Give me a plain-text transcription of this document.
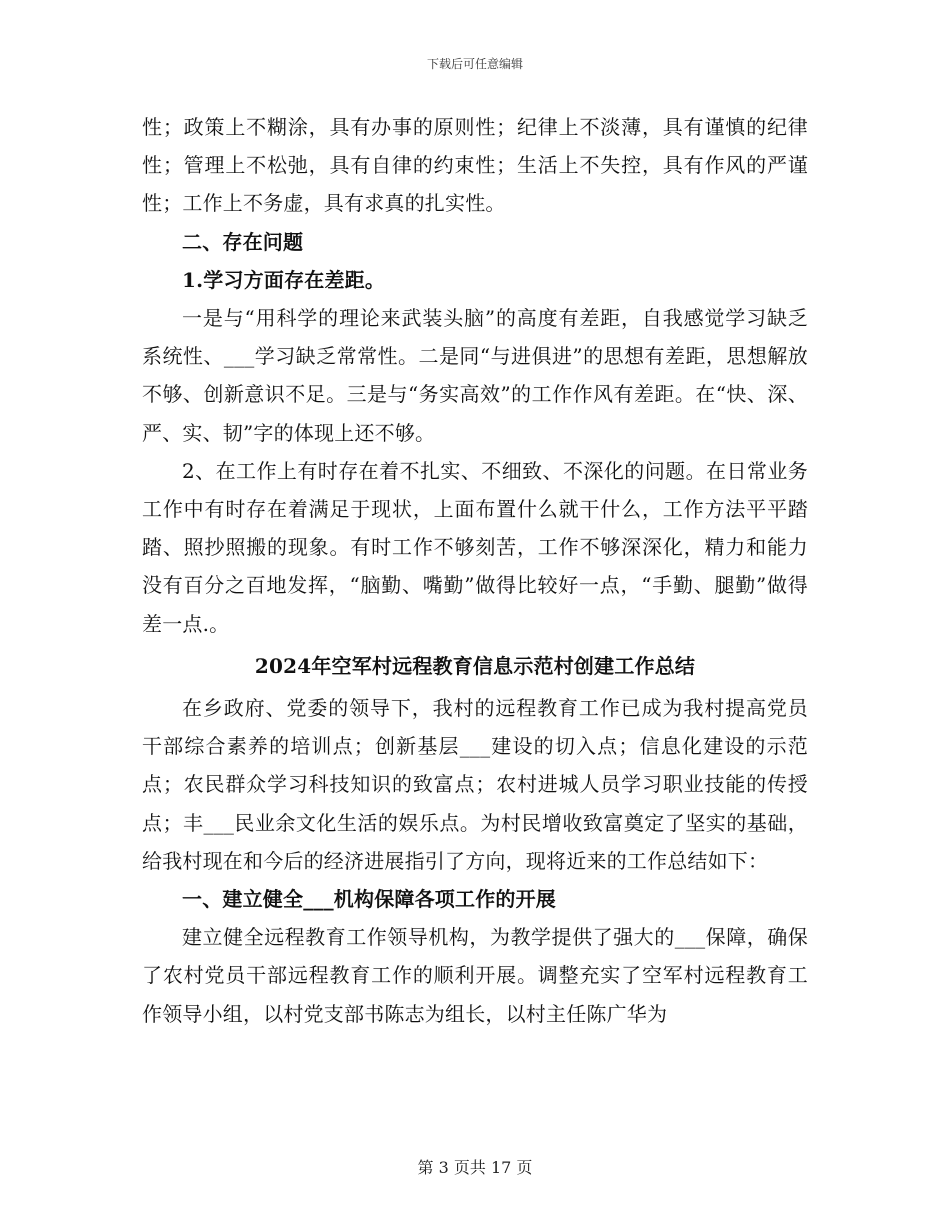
下载后可任意编辑

性；政策上不糊涂，具有办事的原则性；纪律上不淡薄，具有谨慎的纪律性；管理上不松弛，具有自律的约束性；生活上不失控，具有作风的严谨性；工作上不务虚，具有求真的扎实性。

二、存在问题

1.学习方面存在差距。

一是与“用科学的理论来武装头脑”的高度有差距，自我感觉学习缺乏系统性、___学习缺乏常常性。二是同“与进俱进”的思想有差距，思想解放不够、创新意识不足。三是与“务实高效”的工作作风有差距。在“快、深、严、实、韧”字的体现上还不够。

2、在工作上有时存在着不扎实、不细致、不深化的问题。在日常业务工作中有时存在着满足于现状，上面布置什么就干什么，工作方法平平踏踏、照抄照搬的现象。有时工作不够刻苦，工作不够深深化，精力和能力没有百分之百地发挥，“脑勤、嘴勤”做得比较好一点，“手勤、腿勤”做得差一点.。

2024年空军村远程教育信息示范村创建工作总结

在乡政府、党委的领导下，我村的远程教育工作已成为我村提高党员干部综合素养的培训点；创新基层___建设的切入点；信息化建设的示范点；农民群众学习科技知识的致富点；农村进城人员学习职业技能的传授点；丰___民业余文化生活的娱乐点。为村民增收致富奠定了坚实的基础，给我村现在和今后的经济进展指引了方向，现将近来的工作总结如下：

一、建立健全___机构保障各项工作的开展

建立健全远程教育工作领导机构，为教学提供了强大的___保障，确保了农村党员干部远程教育工作的顺利开展。调整充实了空军村远程教育工作领导小组，以村党支部书陈志为组长，以村主任陈广华为

第 3 页共 17 页
